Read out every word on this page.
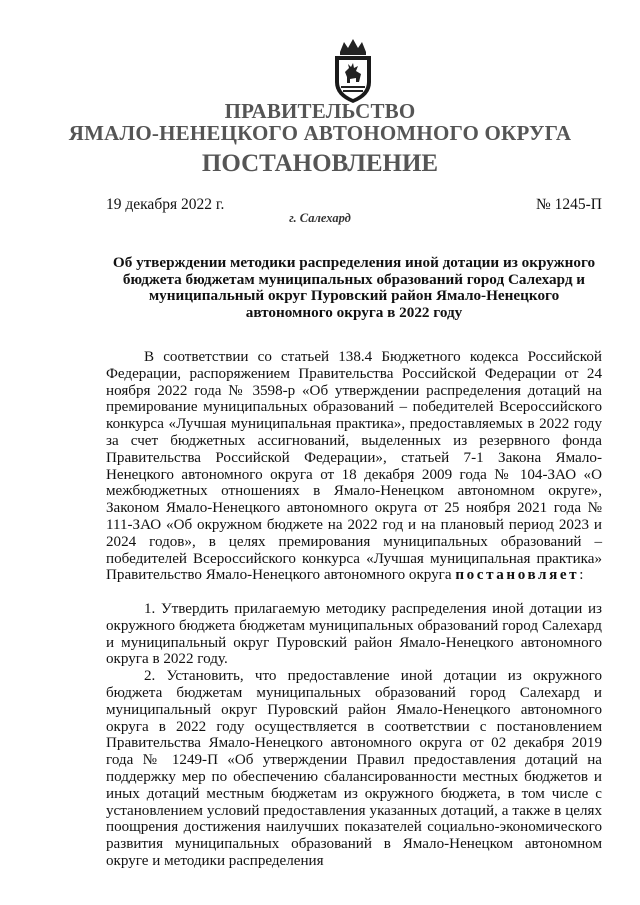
ПРАВИТЕЛЬСТВО
ЯМАЛО-НЕНЕЦКОГО АВТОНОМНОГО ОКРУГА
ПОСТАНОВЛЕНИЕ
19 декабря 2022 г.	№ 1245-П
г. Салехард
Об утверждении методики распределения иной дотации из окружного бюджета бюджетам муниципальных образований город Салехард и муниципальный округ Пуровский район Ямало-Ненецкого автономного округа в 2022 году

В соответствии со статьей 138.4 Бюджетного кодекса Российской Федерации, распоряжением Правительства Российской Федерации от 24 ноября 2022 года № 3598-р «Об утверждении распределения дотаций на премирование муниципальных образований – победителей Всероссийского конкурса «Лучшая муниципальная практика», предоставляемых в 2022 году за счет бюджетных ассигнований, выделенных из резервного фонда Правительства Российской Федерации», статьей 7-1 Закона Ямало-Ненецкого автономного округа от 18 декабря 2009 года № 104-ЗАО «О межбюджетных отношениях в Ямало-Ненецком автономном округе», Законом Ямало-Ненецкого автономного округа от 25 ноября 2021 года № 111-ЗАО «Об окружном бюджете на 2022 год и на плановый период 2023 и 2024 годов», в целях премирования муниципальных образований – победителей Всероссийского конкурса «Лучшая муниципальная практика» Правительство Ямало-Ненецкого автономного округа постановляет:

1. Утвердить прилагаемую методику распределения иной дотации из окружного бюджета бюджетам муниципальных образований город Салехард и муниципальный округ Пуровский район Ямало-Ненецкого автономного округа в 2022 году.

2. Установить, что предоставление иной дотации из окружного бюджета бюджетам муниципальных образований город Салехард и муниципальный округ Пуровский район Ямало-Ненецкого автономного округа в 2022 году осуществляется в соответствии с постановлением Правительства Ямало-Ненецкого автономного округа от 02 декабря 2019 года № 1249-П «Об утверждении Правил предоставления дотаций на поддержку мер по обеспечению сбалансированности местных бюджетов и иных дотаций местным бюджетам из окружного бюджета, в том числе с установлением условий предоставления указанных дотаций, а также в целях поощрения достижения наилучших показателей социально-экономического развития муниципальных образований в Ямало-Ненецком автономном округе и методики распределения
